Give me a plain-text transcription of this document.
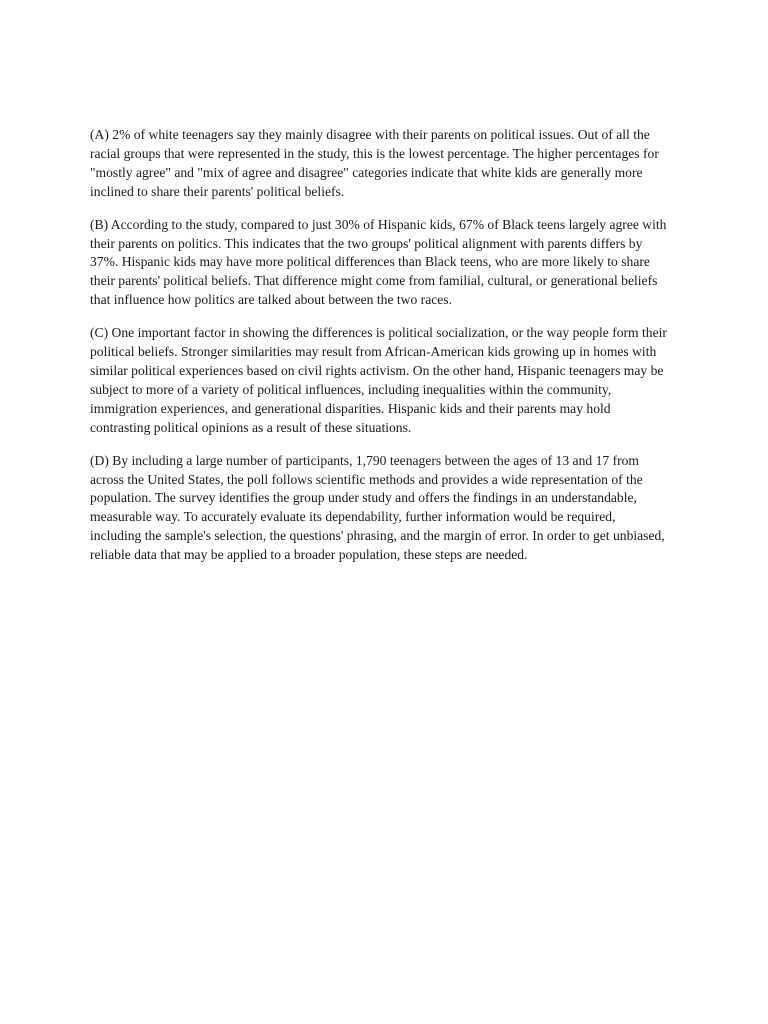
(A) 2% of white teenagers say they mainly disagree with their parents on political issues. Out of all the
racial groups that were represented in the study, this is the lowest percentage. The higher percentages for
"mostly agree" and "mix of agree and disagree" categories indicate that white kids are generally more
inclined to share their parents' political beliefs.

(B) According to the study, compared to just 30% of Hispanic kids, 67% of Black teens largely agree with
their parents on politics. This indicates that the two groups' political alignment with parents differs by
37%. Hispanic kids may have more political differences than Black teens, who are more likely to share
their parents' political beliefs. That difference might come from familial, cultural, or generational beliefs
that influence how politics are talked about between the two races.

(C) One important factor in showing the differences is political socialization, or the way people form their
political beliefs. Stronger similarities may result from African-American kids growing up in homes with
similar political experiences based on civil rights activism. On the other hand, Hispanic teenagers may be
subject to more of a variety of political influences, including inequalities within the community,
immigration experiences, and generational disparities. Hispanic kids and their parents may hold
contrasting political opinions as a result of these situations.

(D) By including a large number of participants, 1,790 teenagers between the ages of 13 and 17 from
across the United States, the poll follows scientific methods and provides a wide representation of the
population. The survey identifies the group under study and offers the findings in an understandable,
measurable way. To accurately evaluate its dependability, further information would be required,
including the sample's selection, the questions' phrasing, and the margin of error. In order to get unbiased,
reliable data that may be applied to a broader population, these steps are needed.
